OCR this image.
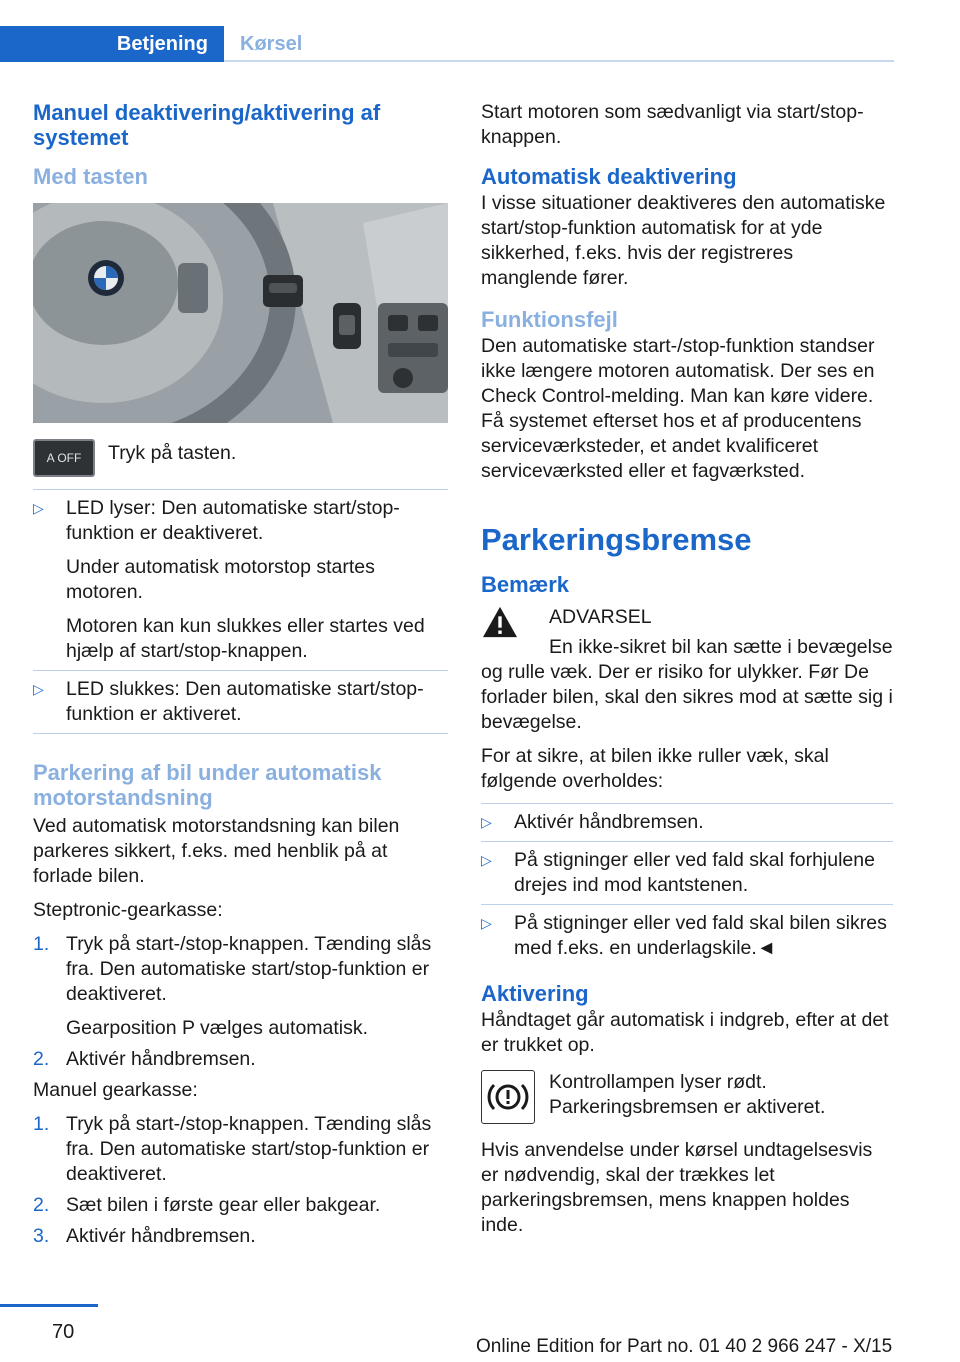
Betjening	Kørsel
Manuel deaktivering/aktivering af systemet
Med tasten
A OFF	Tryk på tasten.
▷	LED lyser: Den automatiske start/stop-funktion er deaktiveret.

Under automatisk motorstop startes motoren.

Motoren kan kun slukkes eller startes ved hjælp af start/stop-knappen.

▷	LED slukkes: Den automatiske start/stop-funktion er aktiveret.

Parkering af bil under automatisk motorstandsning

Ved automatisk motorstandsning kan bilen parkeres sikkert, f.eks. med henblik på at forlade bilen.

Steptronic-gearkasse:

1. Tryk på start-/stop-knappen. Tænding slås fra. Den automatiske start/stop-funktion er deaktiveret.

Gearposition P vælges automatisk.

2. Aktivér håndbremsen.

Manuel gearkasse:

1. Tryk på start-/stop-knappen. Tænding slås fra. Den automatiske start/stop-funktion er deaktiveret.
2. Sæt bilen i første gear eller bakgear.
3. Aktivér håndbremsen.

Start motoren som sædvanligt via start/stop-knappen.

Automatisk deaktivering

I visse situationer deaktiveres den automatiske start/stop-funktion automatisk for at yde sikkerhed, f.eks. hvis der registreres manglende fører.

Funktionsfejl

Den automatiske start-/stop-funktion standser ikke længere motoren automatisk. Der ses en Check Control-melding. Man kan køre videre. Få systemet efterset hos et af producentens serviceværksteder, et andet kvalificeret serviceværksted eller et fagværksted.

Parkeringsbremse
Bemærk
ADVARSEL

En ikke-sikret bil kan sætte i bevægelse og rulle væk. Der er risiko for ulykker. Før De forlader bilen, skal den sikres mod at sætte sig i bevægelse.

For at sikre, at bilen ikke ruller væk, skal følgende overholdes:

▷	Aktivér håndbremsen.
▷	På stigninger eller ved fald skal forhjulene drejes ind mod kantstenen.
▷	På stigninger eller ved fald skal bilen sikres med f.eks. en underlagskile.◄
Aktivering

Håndtaget går automatisk i indgreb, efter at det er trukket op.

Kontrollampen lyser rødt. Parkeringsbremsen er aktiveret.

Hvis anvendelse under kørsel undtagelsesvis er nødvendig, skal der trækkes let parkeringsbremsen, mens knappen holdes inde.

70
Online Edition for Part no. 01 40 2 966 247 - X/15
